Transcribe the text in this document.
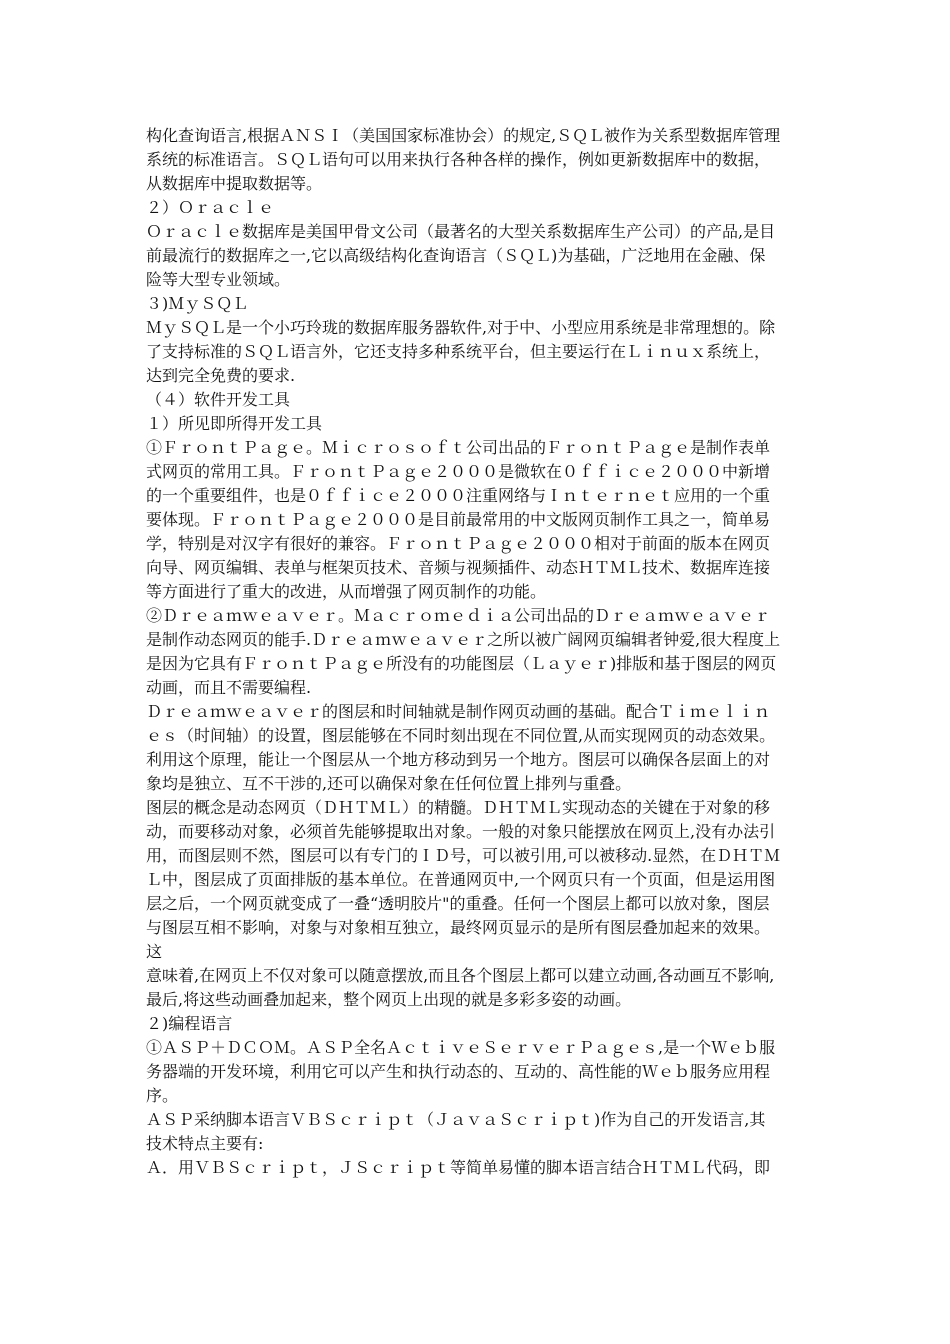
构化查询语言,根据ＡＮＳＩ（美国国家标准协会）的规定,ＳＱＬ被作为关系型数据库管理
系统的标准语言。ＳＱＬ语句可以用来执行各种各样的操作，例如更新数据库中的数据，
从数据库中提取数据等。
２）Ｏｒａｃｌｅ
Ｏｒａｃｌｅ数据库是美国甲骨文公司（最著名的大型关系数据库生产公司）的产品,是目
前最流行的数据库之一,它以高级结构化查询语言（ＳＱＬ)为基础，广泛地用在金融、保
险等大型专业领域。
３)ＭｙＳＱＬ
ＭｙＳＱＬ是一个小巧玲珑的数据库服务器软件,对于中、小型应用系统是非常理想的。除
了支持标准的ＳＱＬ语言外，它还支持多种系统平台，但主要运行在Ｌｉｎｕｘ系统上，
达到完全免费的要求.
（４）软件开发工具
１）所见即所得开发工具
①ＦｒｏｎｔＰａｇｅ。Ｍｉｃｒｏｓｏｆｔ公司出品的ＦｒｏｎｔＰａｇｅ是制作表单
式网页的常用工具。ＦｒｏｎｔＰａｇｅ２０００是微软在０ｆｆｉｃｅ２０００中新增
的一个重要组件，也是０ｆｆｉｃｅ２０００注重网络与Ｉｎｔｅｒｎｅｔ应用的一个重
要体现。ＦｒｏｎｔＰａｇｅ２０００是目前最常用的中文版网页制作工具之一，简单易
学，特别是对汉字有很好的兼容。ＦｒｏｎｔＰａｇｅ２０００相对于前面的版本在网页
向导、网页编辑、表单与框架页技术、音频与视频插件、动态ＨＴＭＬ技术、数据库连接
等方面进行了重大的改进，从而增强了网页制作的功能。
②Ｄｒｅａｍｗｅａｖｅｒ。Ｍａｃｒｏｍｅｄｉａ公司出品的Ｄｒｅａｍｗｅａｖｅｒ
是制作动态网页的能手.Ｄｒｅａｍｗｅａｖｅｒ之所以被广阔网页编辑者钟爱,很大程度上
是因为它具有ＦｒｏｎｔＰａｇｅ所没有的功能图层（Ｌａｙｅｒ)排版和基于图层的网页
动画，而且不需要编程.
Ｄｒｅａｍｗｅａｖｅｒ的图层和时间轴就是制作网页动画的基础。配合Ｔｉｍｅｌｉｎ
ｅｓ（时间轴）的设置，图层能够在不同时刻出现在不同位置,从而实现网页的动态效果。
利用这个原理，能让一个图层从一个地方移动到另一个地方。图层可以确保各层面上的对
象均是独立、互不干涉的,还可以确保对象在任何位置上排列与重叠。
图层的概念是动态网页（ＤＨＴＭＬ）的精髓。ＤＨＴＭＬ实现动态的关键在于对象的移
动，而要移动对象，必须首先能够提取出对象。一般的对象只能摆放在网页上,没有办法引
用，而图层则不然，图层可以有专门的ＩＤ号，可以被引用,可以被移动.显然，在ＤＨＴＭ
Ｌ中，图层成了页面排版的基本单位。在普通网页中,一个网页只有一个页面，但是运用图
层之后，一个网页就变成了一叠“透明胶片"的重叠。任何一个图层上都可以放对象，图层
与图层互相不影响，对象与对象相互独立，最终网页显示的是所有图层叠加起来的效果。
这
意味着,在网页上不仅对象可以随意摆放,而且各个图层上都可以建立动画,各动画互不影响,
最后,将这些动画叠加起来，整个网页上出现的就是多彩多姿的动画。
２)编程语言
①ＡＳＰ＋ＤＣＯＭ。ＡＳＰ全名ＡｃｔｉｖｅＳｅｒｖｅｒＰａｇｅｓ,是一个Ｗｅｂ服
务器端的开发环境，利用它可以产生和执行动态的、互动的、高性能的Ｗｅｂ服务应用程
序。
ＡＳＰ采纳脚本语言ＶＢＳｃｒｉｐｔ（ＪａｖａＳｃｒｉｐｔ)作为自己的开发语言,其
技术特点主要有:
Ａ．用ＶＢＳｃｒｉｐｔ，ＪＳｃｒｉｐｔ等简单易懂的脚本语言结合ＨＴＭＬ代码，即
